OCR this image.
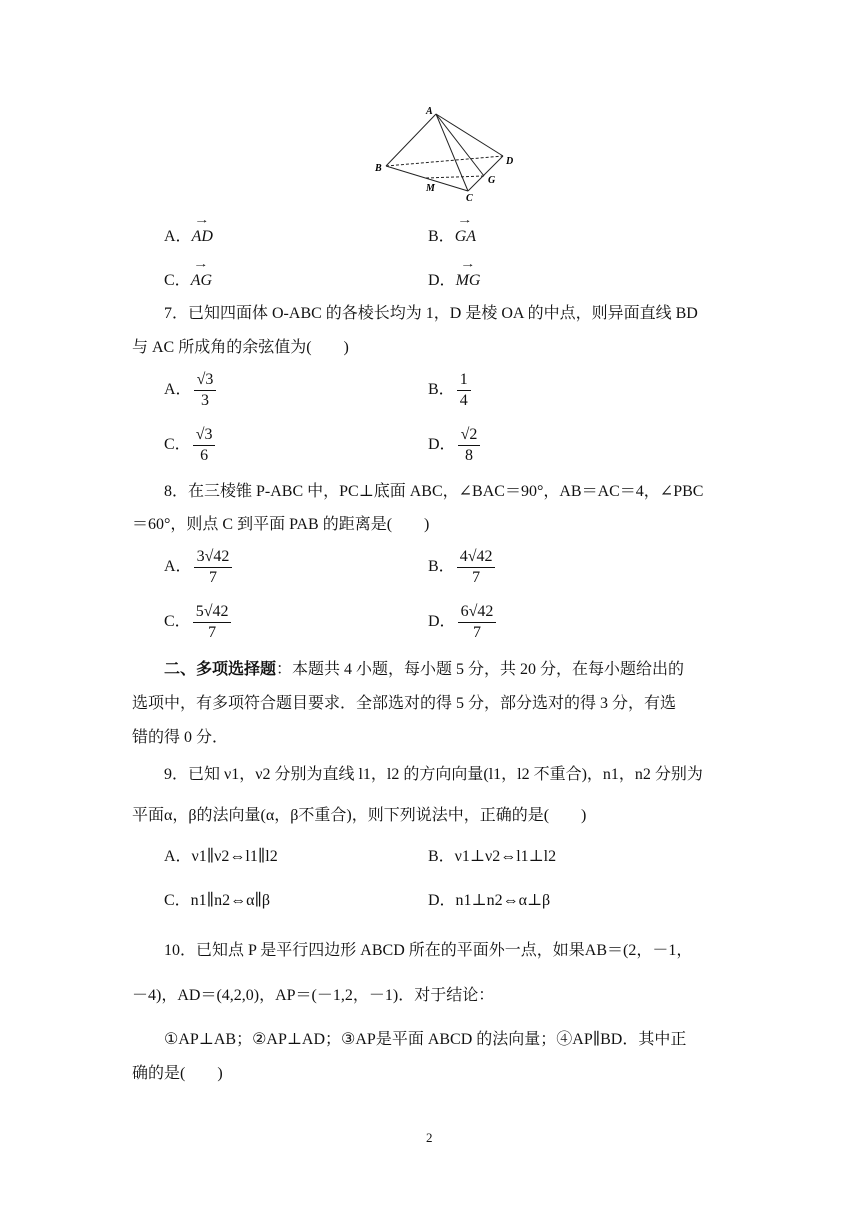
A
B
C
D
G
M
A．→ AD	B．→ GA
C．→ AG	D．→ MG
7．已知四面体 O-ABC 的各棱长均为 1，D 是棱 OA 的中点，则异面直线 BD
与 AC 所成角的余弦值为(　　)
A． $\frac{√3}{3}$	B． $\frac{1}{4}$
C． $\frac{√3}{6}$	D． $\frac{√2}{8}$
8．在三棱锥 P-ABC 中，PC⊥底面 ABC，∠BAC＝90°，AB＝AC＝4，∠PBC
＝60°，则点 C 到平面 PAB 的距离是(　　)
A． $\frac{3√42}{7}$	B． $\frac{4√42}{7}$
C． $\frac{5√42}{7}$	D． $\frac{6√42}{7}$
二、多项选择题：本题共 4 小题，每小题 5 分，共 20 分，在每小题给出的
选项中，有多项符合题目要求．全部选对的得 5 分，部分选对的得 3 分，有选
错的得 0 分．
9．已知 ν1，ν2 分别为直线 l1，l2 的方向向量(l1，l2 不重合)，n1，n2 分别为
平面α，β的法向量(α，β不重合)，则下列说法中，正确的是(　　)
A．ν1∥ν2⇔l1∥l2	B．ν1⊥ν2⇔l1⊥l2
C．n1∥n2⇔α∥β	D．n1⊥n2⇔α⊥β
10．已知点 P 是平行四边形 ABCD 所在的平面外一点，如果AB＝(2，－1，
－4)，AD＝(4,2,0)，AP＝(－1,2，－1)．对于结论：
①AP⊥AB；②AP⊥AD；③AP是平面 ABCD 的法向量；④AP∥BD．其中正
确的是(　　)
2
